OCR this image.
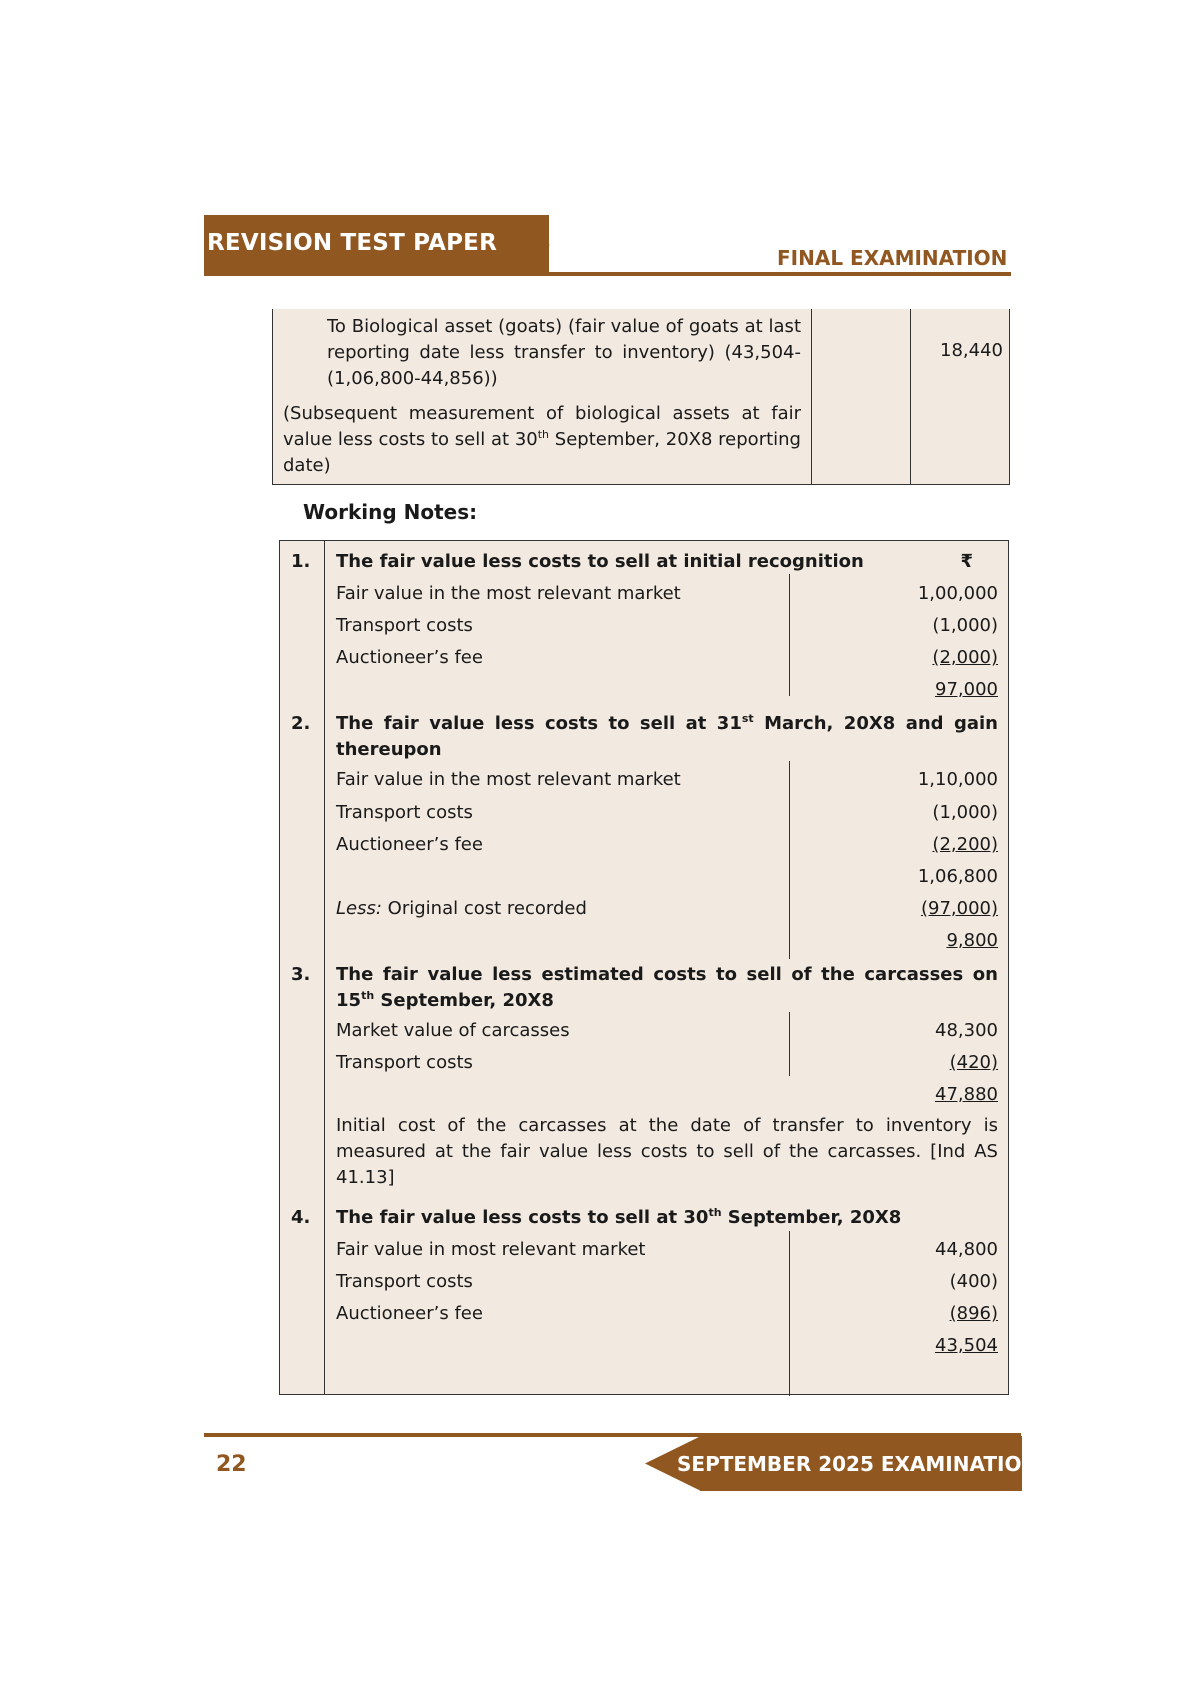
REVISION TEST PAPER
FINAL EXAMINATION
To Biological asset (goats) (fair value of goats at last reporting date less transfer to inventory) (43,504-(1,06,800-44,856))
18,440
(Subsequent measurement of biological assets at fair value less costs to sell at 30th September, 20X8 reporting date)
Working Notes:
1.	The fair value less costs to sell at initial recognition	₹
Fair value in the most relevant market	1,00,000
Transport costs	(1,000)
Auctioneer’s fee	(2,000)
97,000
2.	The fair value less costs to sell at 31st March, 20X8 and gain thereupon
Fair value in the most relevant market	1,10,000
Transport costs	(1,000)
Auctioneer’s fee	(2,200)
1,06,800
Less: Original cost recorded	(97,000)
9,800
3.	The fair value less estimated costs to sell of the carcasses on 15th September, 20X8
Market value of carcasses	48,300
Transport costs	(420)
47,880
Initial cost of the carcasses at the date of transfer to inventory is measured at the fair value less costs to sell of the carcasses. [Ind AS 41.13]
4.	The fair value less costs to sell at 30th September, 20X8
Fair value in most relevant market	44,800
Transport costs	(400)
Auctioneer’s fee	(896)
43,504
22	SEPTEMBER 2025 EXAMINATION
